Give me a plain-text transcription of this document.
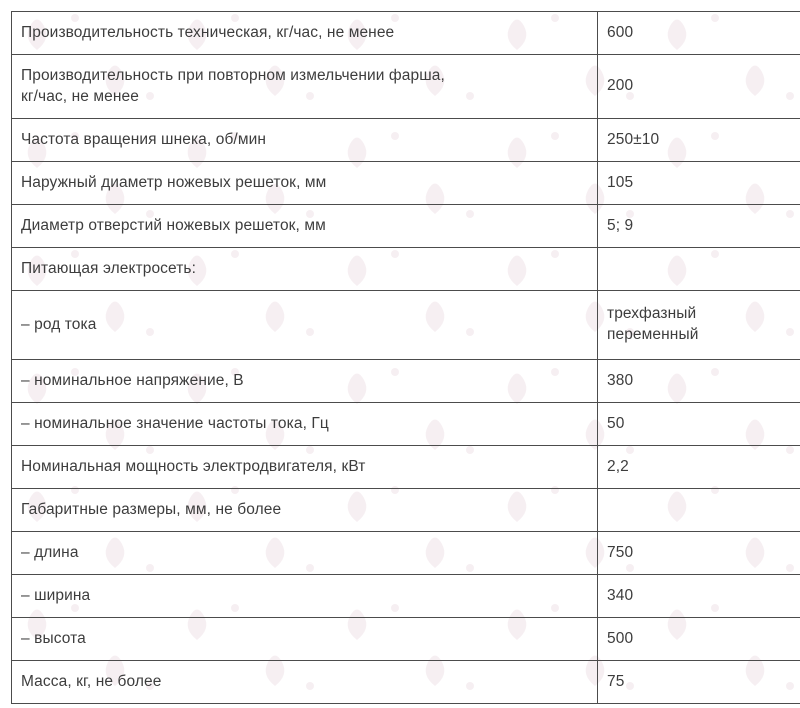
Производительность техническая, кг/час, не менее	600

Производительность при повторном измельчении фарша,
кг/час, не менее	200
Частота вращения шнека, об/мин	250±10
Наружный диаметр ножевых решеток, мм	105
Диаметр отверстий ножевых решеток, мм	5; 9
Питающая электросеть:	
– род тока	трехфазный
переменный

– номинальное напряжение, В	380
– номинальное значение частоты тока, Гц	50
Номинальная мощность электродвигателя, кВт	2,2
Габаритные размеры, мм, не более	
– длина	750
– ширина	340
– высота	500
Масса, кг, не более	75
